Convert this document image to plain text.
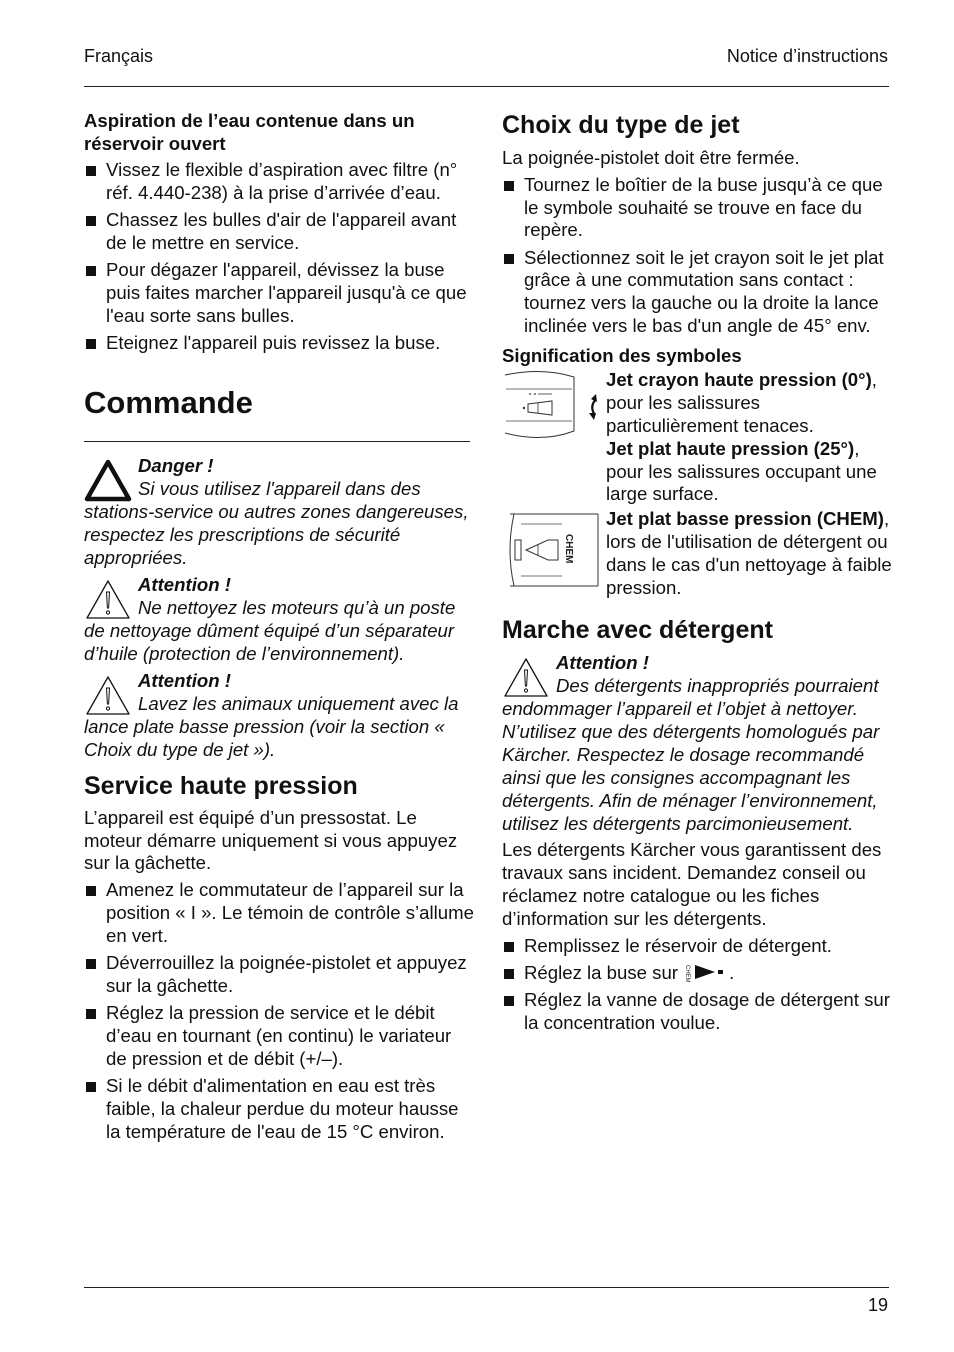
Français	Notice d’instructions

Aspiration de l’eau contenue dans un réservoir ouvert

Vissez le flexible d’aspiration avec filtre (n° réf. 4.440-238) à la prise d’arrivée d’eau.
Chassez les bulles d'air de l'appareil avant de le mettre en service.
Pour dégazer l'appareil, dévissez la buse puis faites marcher l'appareil jusqu'à ce que l'eau sorte sans bulles.
Eteignez l'appareil puis revissez la buse.
Commande
Danger !
Si vous utilisez l'appareil dans des stations-service ou autres zones dangereuses, respectez les prescriptions de sécurité appropriées.
Attention !
Ne nettoyez les moteurs qu’à un poste de nettoyage dûment équipé d’un séparateur d’huile (protection de l’environnement).
Attention !
Lavez les animaux uniquement avec la lance plate basse pression (voir la section « Choix du type de jet »).
Service haute pression

L’appareil est équipé d’un pressostat. Le moteur démarre uniquement si vous appuyez sur la gâchette.

Amenez le commutateur de l’appareil sur la position « I ». Le témoin de contrôle s’allume en vert.
Déverrouillez la poignée-pistolet et appuyez sur la gâchette.
Réglez la pression de service et le débit d’eau en tournant (en continu) le variateur de pression et de débit (+/–).
Si le débit d'alimentation en eau est très faible, la chaleur perdue du moteur hausse la température de l'eau de 15 °C environ.
Choix du type de jet

La poignée-pistolet doit être fermée.

Tournez le boîtier de la buse jusqu’à ce que le symbole souhaité se trouve en face du repère.
Sélectionnez soit le jet crayon soit le jet plat grâce à une commutation sans contact :
tournez vers la gauche ou la droite la lance inclinée vers le bas d'un angle de 45° env.

Signification des symboles

Jet crayon haute pression (0°), pour les salissures particulièrement tenaces.
Jet plat haute pression (25°), pour les salissures occupant une large surface.
CHEM
Jet plat basse pression (CHEM), lors de l'utilisation de détergent ou dans le cas d'un nettoyage à faible pression.
Marche avec détergent
Attention !
Des détergents inappropriés pourraient endommager l’appareil et l’objet à nettoyer. N’utilisez que des détergents homologués par Kärcher. Respectez le dosage recommandé ainsi que les consignes accompagnant les détergents. Afin de ménager l’environnement, utilisez les détergents parcimonieusement.

Les détergents Kärcher vous garantissent des travaux sans incident. Demandez conseil ou réclamez notre catalogue ou les fiches d’information sur les détergents.

Remplissez le réservoir de détergent.
Réglez la buse sur CHEM .
Réglez la vanne de dosage de détergent sur la concentration voulue.
19
